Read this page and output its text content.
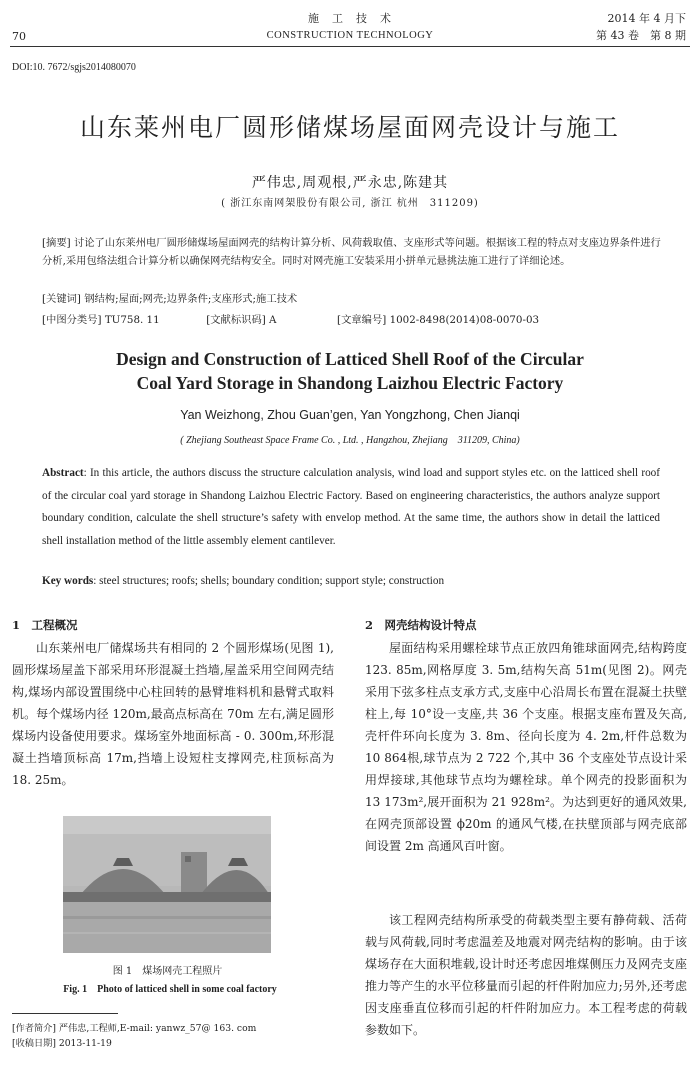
70
施　工　技　术
CONSTRUCTION TECHNOLOGY
2014 年 4 月下
第 43 卷　第 8 期
DOI:10. 7672/sgjs2014080070
山东莱州电厂圆形储煤场屋面网壳设计与施工
严伟忠,周观根,严永忠,陈建其
( 浙江东南网架股份有限公司, 浙江 杭州　311209)
[摘要] 讨论了山东莱州电厂圆形储煤场屋面网壳的结构计算分析、风荷载取值、支座形式等问题。根据该工程的特点对支座边界条件进行分析,采用包络法组合计算分析以确保网壳结构安全。同时对网壳施工安装采用小拼单元悬挑法施工进行了详细论述。
[关键词] 钢结构;屋面;网壳;边界条件;支座形式;施工技术
[中图分类号] TU758. 11	[文献标识码] A	[文章编号] 1002-8498(2014)08-0070-03
Design and Construction of Latticed Shell Roof of the Circular
Coal Yard Storage in Shandong Laizhou Electric Factory
Yan Weizhong, Zhou Guan’gen, Yan Yongzhong, Chen Jianqi
( Zhejiang Southeast Space Frame Co. , Ltd. , Hangzhou, Zhejiang　311209, China)
Abstract: In this article, the authors discuss the structure calculation analysis, wind load and support styles etc. on the latticed shell roof of the circular coal yard storage in Shandong Laizhou Electric Factory. Based on engineering characteristics, the authors analyze support boundary condition, calculate the shell structure’s safety with envelop method. At the same time, the authors show in detail the latticed shell installation method of the little assembly element cantilever.
Key words: steel structures; roofs; shells; boundary condition; support style; construction
1　工程概况
山东莱州电厂储煤场共有相同的 2 个圆形煤场(见图 1),圆形煤场屋盖下部采用环形混凝土挡墙,屋盖采用空间网壳结构,煤场内部设置围绕中心柱回转的悬臂堆料机和悬臂式取料机。每个煤场内径 120m,最高点标高在 70m 左右,满足圆形煤场内设备使用要求。煤场室外地面标高 - 0. 300m,环形混凝土挡墙顶标高 17m,挡墙上设短柱支撑网壳,柱顶标高为 18. 25m。
图 1　煤场网壳工程照片
Fig. 1　Photo of latticed shell in some coal factory
[作者简介] 严伟忠,工程师,E-mail: yanwz_57@ 163. com
[收稿日期] 2013-11-19
2　网壳结构设计特点
屋面结构采用螺栓球节点正放四角锥球面网壳,结构跨度 123. 85m,网格厚度 3. 5m,结构矢高 51m(见图 2)。网壳采用下弦多柱点支承方式,支座中心沿周长布置在混凝土扶壁柱上,每 10°设一支座,共 36 个支座。根据支座布置及矢高,壳杆件环向长度为 3. 8m、径向长度为 4. 2m,杆件总数为 10 864根,球节点为 2 722 个,其中 36 个支座处节点设计采用焊接球,其他球节点均为螺栓球。单个网壳的投影面积为 13 173m²,展开面积为 21 928m²。为达到更好的通风效果,在网壳顶部设置 ϕ20m 的通风气楼,在扶壁顶部与网壳底部间设置 2m 高通风百叶窗。
该工程网壳结构所承受的荷载类型主要有静荷载、活荷载与风荷载,同时考虑温差及地震对网壳结构的影响。由于该煤场存在大面积堆载,设计时还考虑因堆煤侧压力及网壳支座推力等产生的水平位移量而引起的杆件附加应力;另外,还考虑因支座垂直位移而引起的杆件附加应力。本工程考虑的荷载参数如下。
